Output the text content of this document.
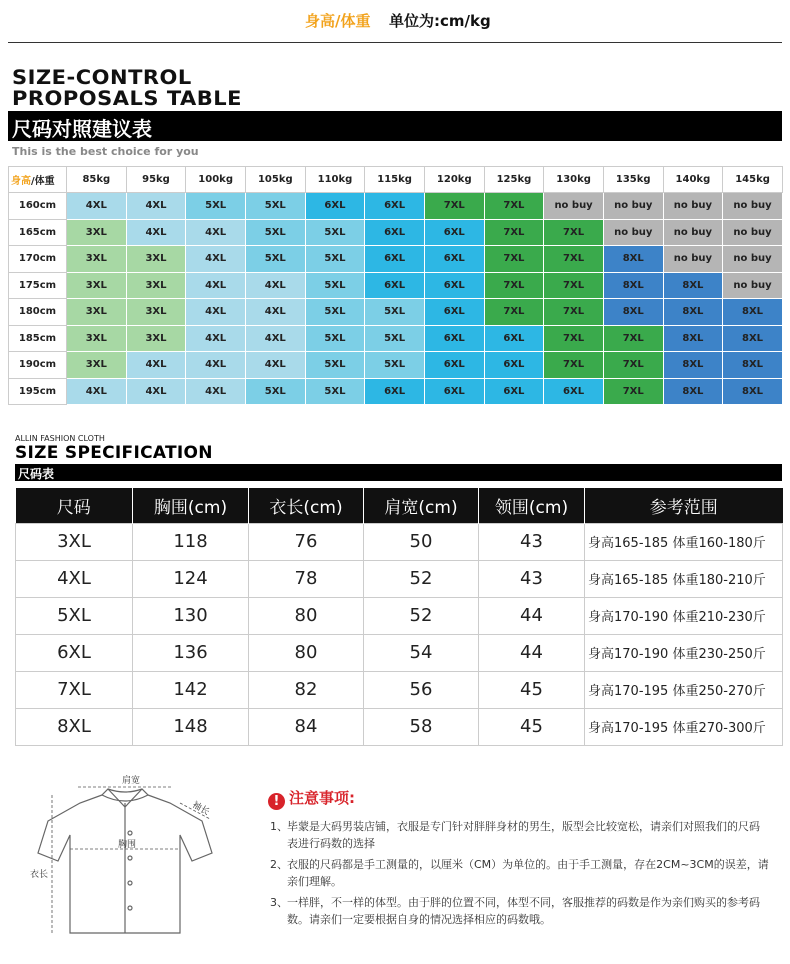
身高/体重 单位为:cm/kg
SIZE-CONTROL
PROPOSALS TABLE
尺码对照建议表
This is the best choice for you
身高/体重	85kg	95kg	100kg	105kg	110kg	115kg	120kg	125kg	130kg	135kg	140kg	145kg
160cm	4XL	4XL	5XL	5XL	6XL	6XL	7XL	7XL	no buy	no buy	no buy	no buy
165cm	3XL	4XL	4XL	5XL	5XL	6XL	6XL	7XL	7XL	no buy	no buy	no buy
170cm	3XL	3XL	4XL	5XL	5XL	6XL	6XL	7XL	7XL	8XL	no buy	no buy
175cm	3XL	3XL	4XL	4XL	5XL	6XL	6XL	7XL	7XL	8XL	8XL	no buy
180cm	3XL	3XL	4XL	4XL	5XL	5XL	6XL	7XL	7XL	8XL	8XL	8XL
185cm	3XL	3XL	4XL	4XL	5XL	5XL	6XL	6XL	7XL	7XL	8XL	8XL
190cm	3XL	4XL	4XL	4XL	5XL	5XL	6XL	6XL	7XL	7XL	8XL	8XL
195cm	4XL	4XL	4XL	5XL	5XL	6XL	6XL	6XL	6XL	7XL	8XL	8XL
ALLIN FASHION CLOTH
SIZE SPECIFICATION
尺码表
尺码	胸围(cm)	衣长(cm)	肩宽(cm)	领围(cm)	参考范围
3XL	118	76	50	43	身高165-185 体重160-180斤
4XL	124	78	52	43	身高165-185 体重180-210斤
5XL	130	80	52	44	身高170-190 体重210-230斤
6XL	136	80	54	44	身高170-190 体重230-250斤
7XL	142	82	56	45	身高170-195 体重250-270斤
8XL	148	84	58	45	身高170-195 体重270-300斤
肩宽
胸围
衣长
袖长	! 注意事项:
1、 毕蒙是大码男装店铺，衣服是专门针对胖胖身材的男生，版型会比较宽松，请亲们对照我们的尺码表进行码数的选择
2、 衣服的尺码都是手工测量的，以厘米（CM）为单位的。由于手工测量，存在2CM~3CM的误差，请亲们理解。
3、 一样胖，不一样的体型。由于胖的位置不同，体型不同，客服推荐的码数是作为亲们购买的参考码数。请亲们一定要根据自身的情况选择相应的码数哦。
